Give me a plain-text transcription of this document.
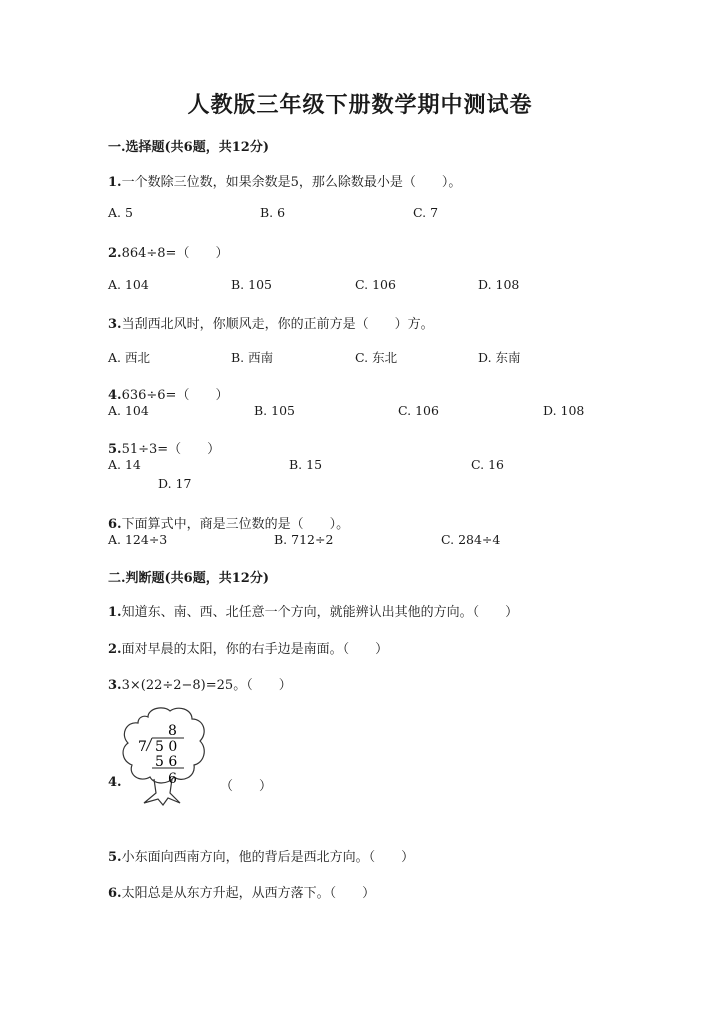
人教版三年级下册数学期中测试卷
一.选择题(共6题，共12分)
1.一个数除三位数，如果余数是5，那么除数最小是（　　）。
A. 5	B. 6	C. 7
2.864÷8=（　　）
A. 104	B. 105	C. 106	D. 108
3.当刮西北风时，你顺风走，你的正前方是（　　）方。
A. 西北	B. 西南	C. 东北	D. 东南
4.636÷6=（　　）
A. 104	B. 105	C. 106	D. 108
5.51÷3=（　　）
A. 14	B. 15	C. 16
D. 17
6.下面算式中，商是三位数的是（　　）。
A. 124÷3	B. 712÷2	C. 284÷4
二.判断题(共6题，共12分)
1.知道东、南、西、北任意一个方向，就能辨认出其他的方向。（　　）
2.面对早晨的太阳，你的右手边是南面。（　　）
3.3×(22÷2−8)=25。（　　）
4.	（　　）
8
7 5 0
5 6
6
5.小东面向西南方向，他的背后是西北方向。（　　）
6.太阳总是从东方升起，从西方落下。（　　）
